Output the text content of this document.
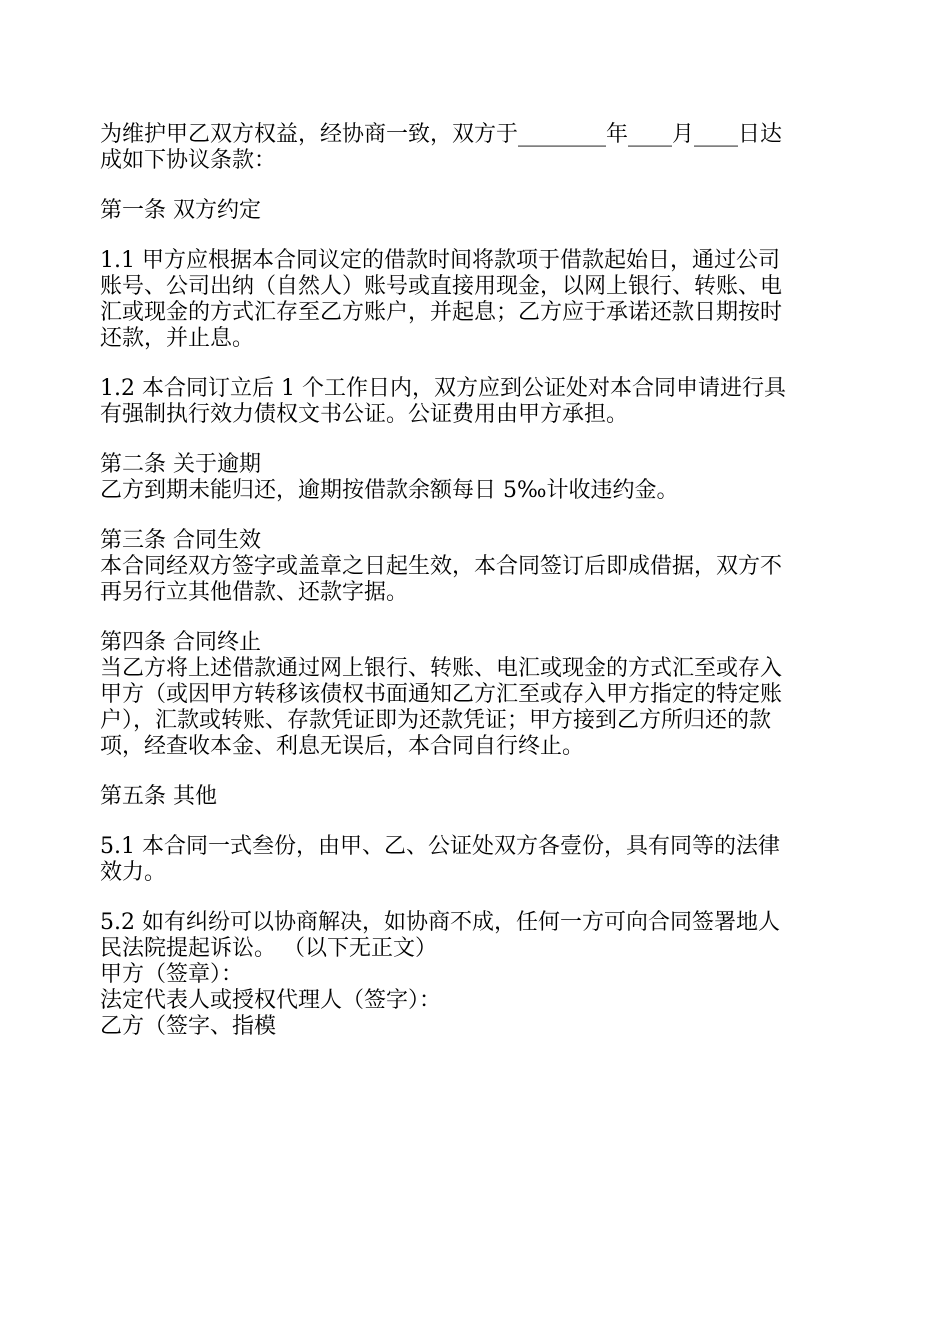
为维护甲乙双方权益，经协商一致，双方于________年____月____日达
成如下协议条款：
第一条 双方约定
1.1 甲方应根据本合同议定的借款时间将款项于借款起始日，通过公司
账号、公司出纳（自然人）账号或直接用现金，以网上银行、转账、电
汇或现金的方式汇存至乙方账户，并起息；乙方应于承诺还款日期按时
还款，并止息。
1.2 本合同订立后 1 个工作日内，双方应到公证处对本合同申请进行具
有强制执行效力债权文书公证。公证费用由甲方承担。
第二条 关于逾期
乙方到期未能归还，逾期按借款余额每日 5‰计收违约金。
第三条 合同生效
本合同经双方签字或盖章之日起生效，本合同签订后即成借据，双方不
再另行立其他借款、还款字据。
第四条 合同终止
当乙方将上述借款通过网上银行、转账、电汇或现金的方式汇至或存入
甲方（或因甲方转移该债权书面通知乙方汇至或存入甲方指定的特定账
户），汇款或转账、存款凭证即为还款凭证；甲方接到乙方所归还的款
项，经查收本金、利息无误后，本合同自行终止。
第五条 其他
5.1 本合同一式叁份，由甲、乙、公证处双方各壹份，具有同等的法律
效力。
5.2 如有纠纷可以协商解决，如协商不成，任何一方可向合同签署地人
民法院提起诉讼。 （以下无正文）
甲方（签章）：
法定代表人或授权代理人（签字）：
乙方（签字、指模
